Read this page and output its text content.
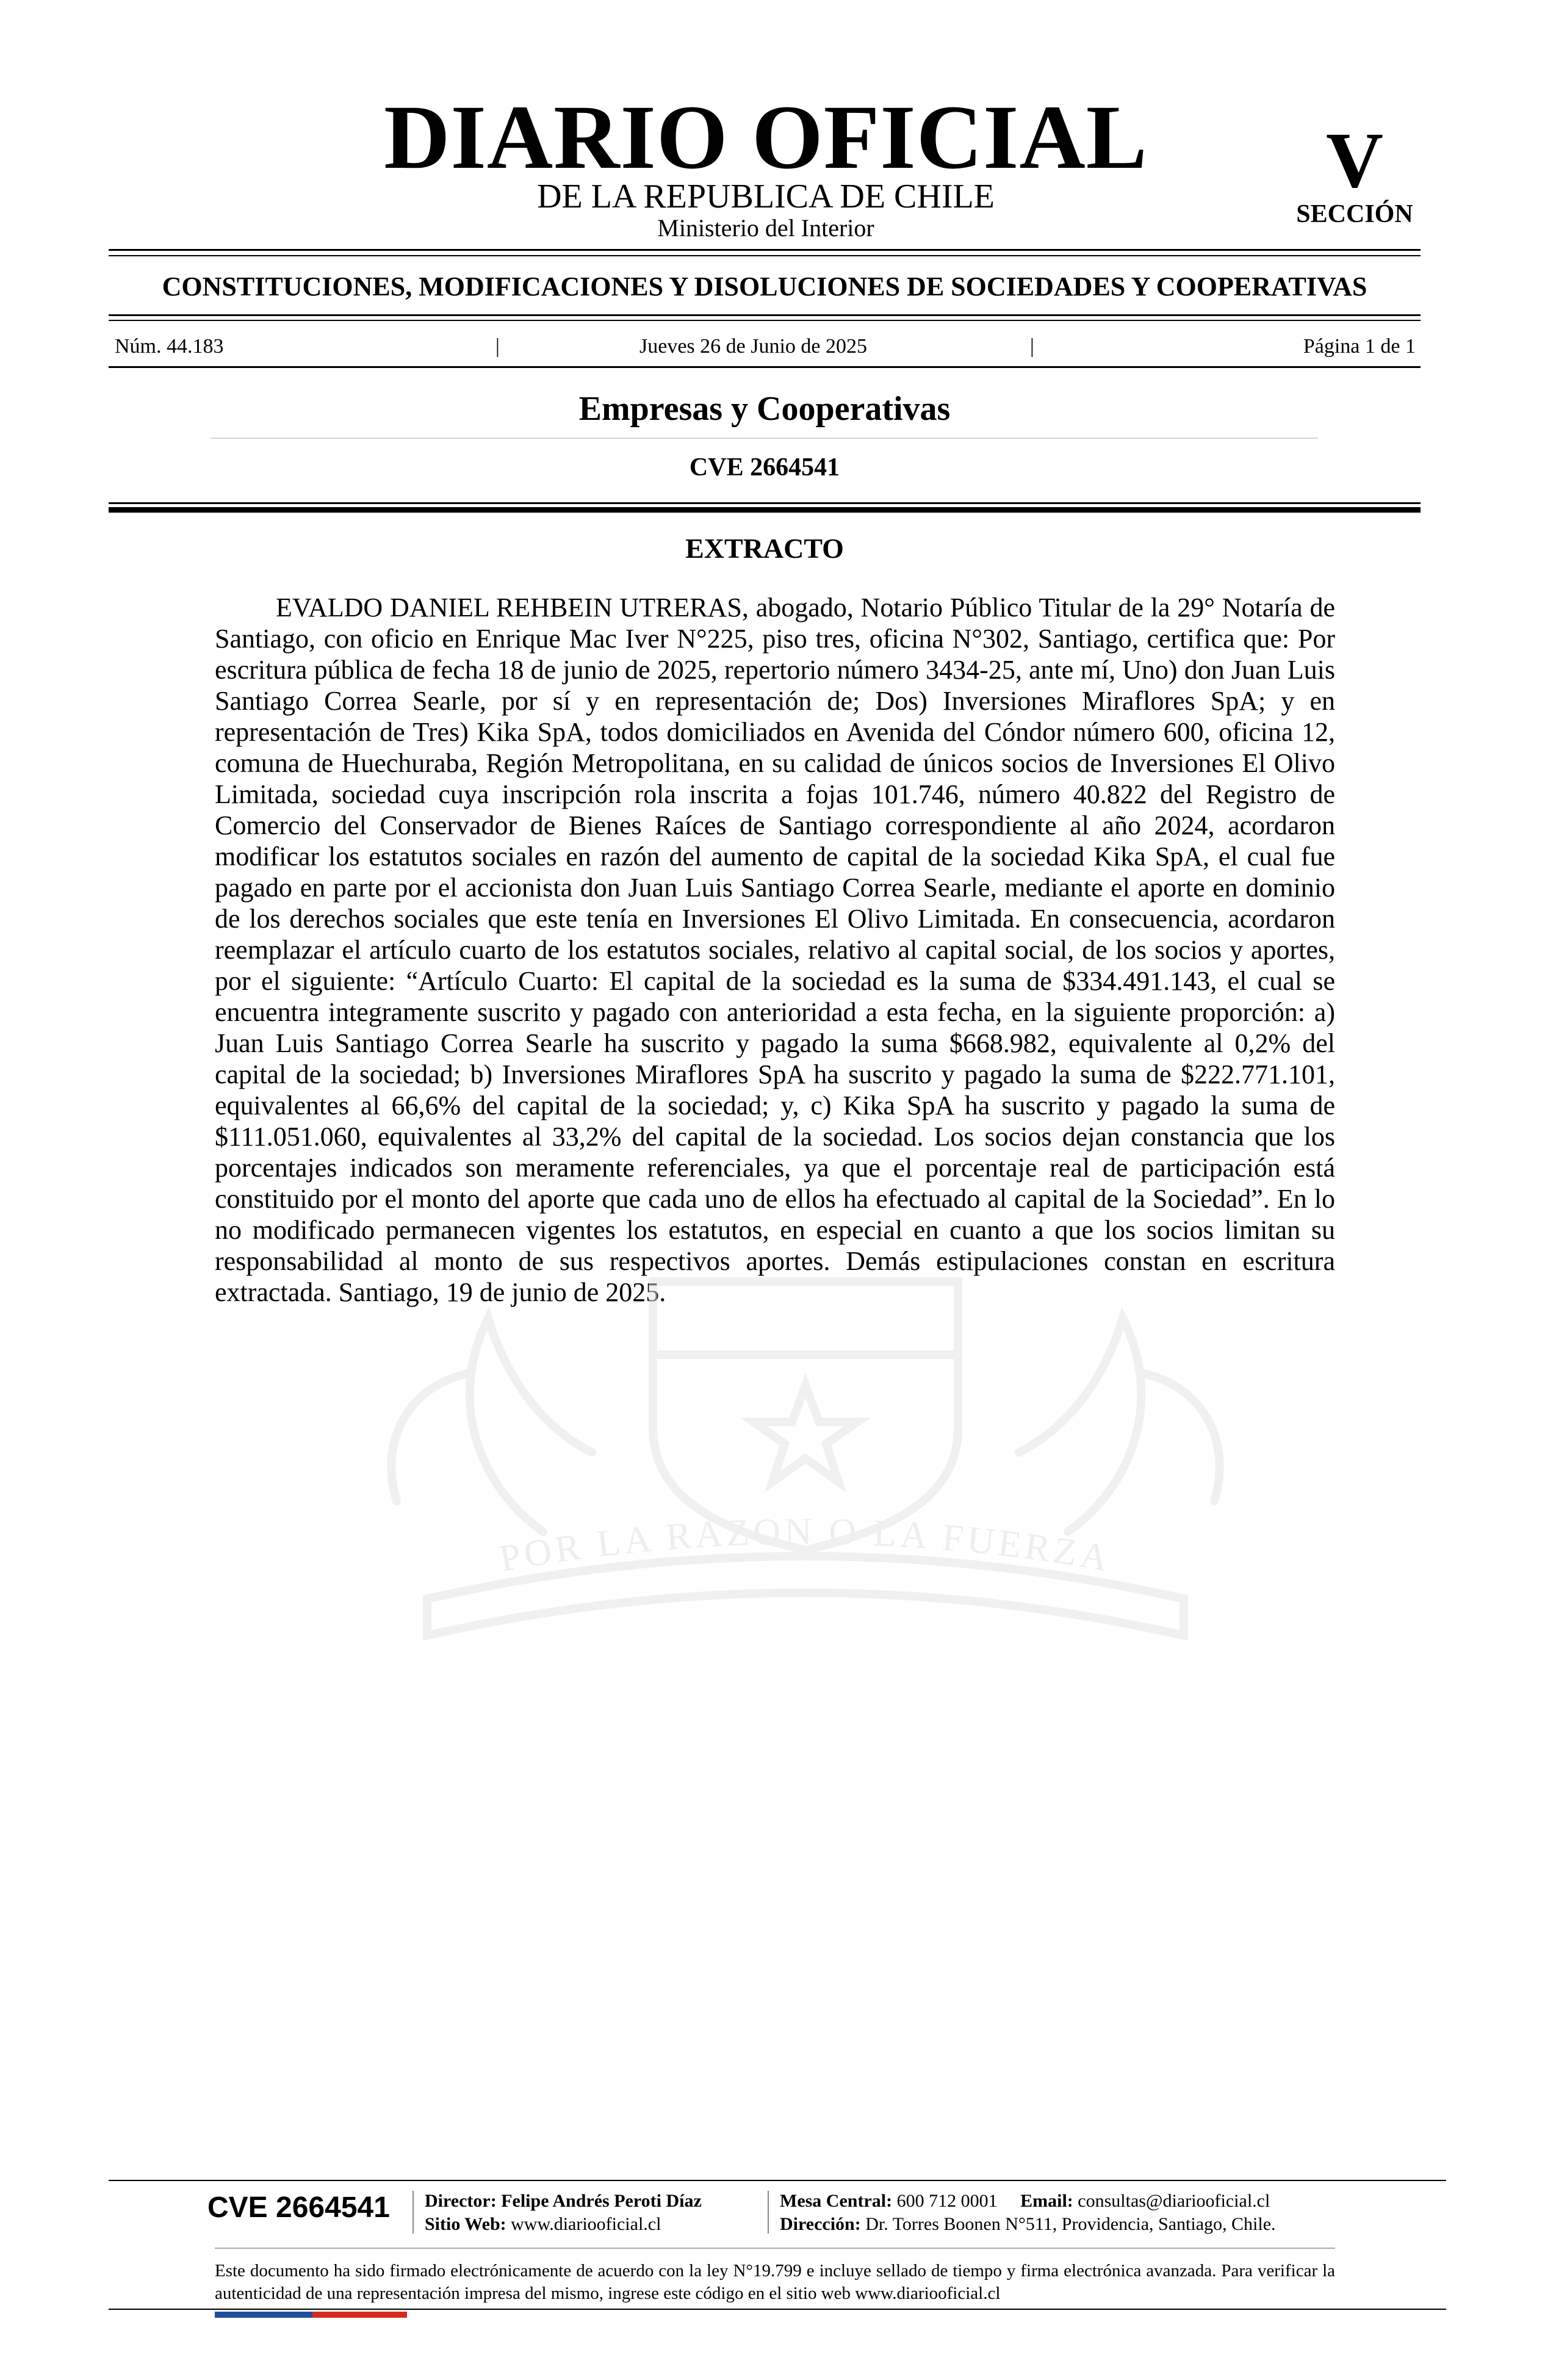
DIARIO OFICIAL
DE LA REPUBLICA DE CHILE
Ministerio del Interior
V
SECCIÓN
CONSTITUCIONES, MODIFICACIONES Y DISOLUCIONES DE SOCIEDADES Y COOPERATIVAS
Núm. 44.183	|	Jueves 26 de Junio de 2025	|	Página 1 de 1
Empresas y Cooperativas
CVE 2664541
EXTRACTO

EVALDO DANIEL REHBEIN UTRERAS, abogado, Notario Público Titular de la 29° Notaría de Santiago, con oficio en Enrique Mac Iver N°225, piso tres, oficina N°302, Santiago, certifica que: Por escritura pública de fecha 18 de junio de 2025, repertorio número 3434-25, ante mí, Uno) don Juan Luis Santiago Correa Searle, por sí y en representación de; Dos) Inversiones Miraflores SpA; y en representación de Tres) Kika SpA, todos domiciliados en Avenida del Cóndor número 600, oficina 12, comuna de Huechuraba, Región Metropolitana, en su calidad de únicos socios de Inversiones El Olivo Limitada, sociedad cuya inscripción rola inscrita a fojas 101.746, número 40.822 del Registro de Comercio del Conservador de Bienes Raíces de Santiago correspondiente al año 2024, acordaron modificar los estatutos sociales en razón del aumento de capital de la sociedad Kika SpA, el cual fue pagado en parte por el accionista don Juan Luis Santiago Correa Searle, mediante el aporte en dominio de los derechos sociales que este tenía en Inversiones El Olivo Limitada. En consecuencia, acordaron reemplazar el artículo cuarto de los estatutos sociales, relativo al capital social, de los socios y aportes, por el siguiente: “Artículo Cuarto: El capital de la sociedad es la suma de $334.491.143, el cual se encuentra integramente suscrito y pagado con anterioridad a esta fecha, en la siguiente proporción: a) Juan Luis Santiago Correa Searle ha suscrito y pagado la suma $668.982, equivalente al 0,2% del capital de la sociedad; b) Inversiones Miraflores SpA ha suscrito y pagado la suma de $222.771.101, equivalentes al 66,6% del capital de la sociedad; y, c) Kika SpA ha suscrito y pagado la suma de $111.051.060, equivalentes al 33,2% del capital de la sociedad. Los socios dejan constancia que los porcentajes indicados son meramente referenciales, ya que el porcentaje real de participación está constituido por el monto del aporte que cada uno de ellos ha efectuado al capital de la Sociedad”. En lo no modificado permanecen vigentes los estatutos, en especial en cuanto a que los socios limitan su responsabilidad al monto de sus respectivos aportes. Demás estipulaciones constan en escritura extractada. Santiago, 19 de junio de 2025.

POR LA RAZON O LA FUERZA
CVE 2664541	Director: Felipe Andrés Peroti Díaz
Sitio Web: www.diariooficial.cl
Mesa Central: 600 712 0001 Email: consultas@diariooficial.cl
Dirección: Dr. Torres Boonen N°511, Providencia, Santiago, Chile.

Este documento ha sido firmado electrónicamente de acuerdo con la ley N°19.799 e incluye sellado de tiempo y firma electrónica avanzada. Para verificar la autenticidad de una representación impresa del mismo, ingrese este código en el sitio web www.diariooficial.cl
